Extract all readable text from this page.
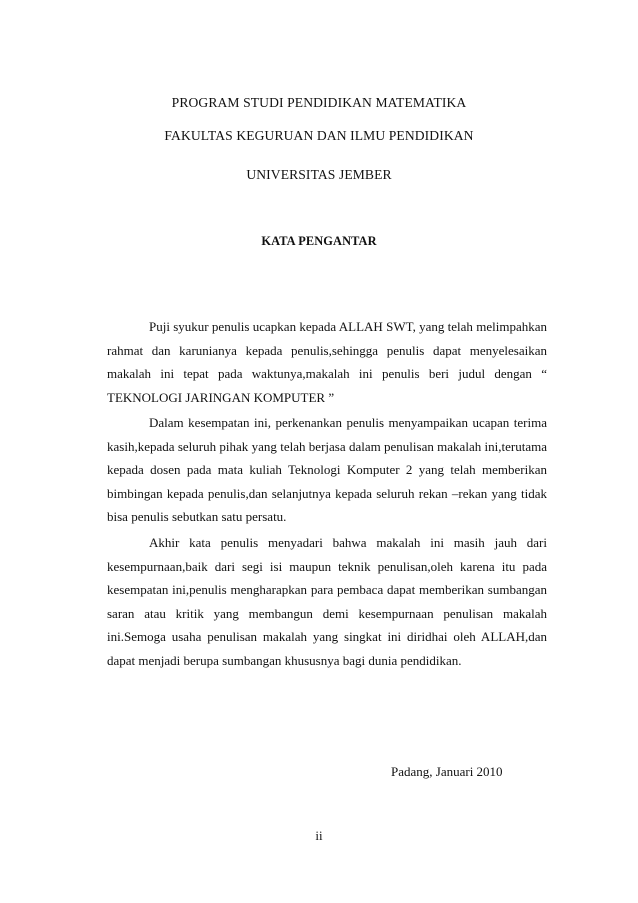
PROGRAM STUDI PENDIDIKAN MATEMATIKA
FAKULTAS KEGURUAN DAN ILMU PENDIDIKAN
UNIVERSITAS JEMBER
KATA PENGANTAR

Puji syukur penulis ucapkan kepada ALLAH SWT, yang telah melimpahkan rahmat dan karunianya kepada penulis,sehingga penulis dapat menyelesaikan makalah ini tepat pada waktunya,makalah ini penulis beri judul dengan “ TEKNOLOGI JARINGAN KOMPUTER ”

Dalam kesempatan ini, perkenankan penulis menyampaikan ucapan terima kasih,kepada seluruh pihak yang telah berjasa dalam penulisan makalah ini,terutama kepada dosen pada mata kuliah Teknologi Komputer 2 yang telah memberikan bimbingan kepada penulis,dan selanjutnya kepada seluruh rekan –rekan yang tidak bisa penulis sebutkan satu persatu.

Akhir kata penulis menyadari bahwa makalah ini masih jauh dari kesempurnaan,baik dari segi isi maupun teknik penulisan,oleh karena itu pada kesempatan ini,penulis mengharapkan para pembaca dapat memberikan sumbangan saran atau kritik yang membangun demi kesempurnaan penulisan makalah ini.Semoga usaha penulisan makalah yang singkat ini diridhai oleh ALLAH,dan dapat menjadi berupa sumbangan khususnya bagi dunia pendidikan.

Padang, Januari 2010
ii
